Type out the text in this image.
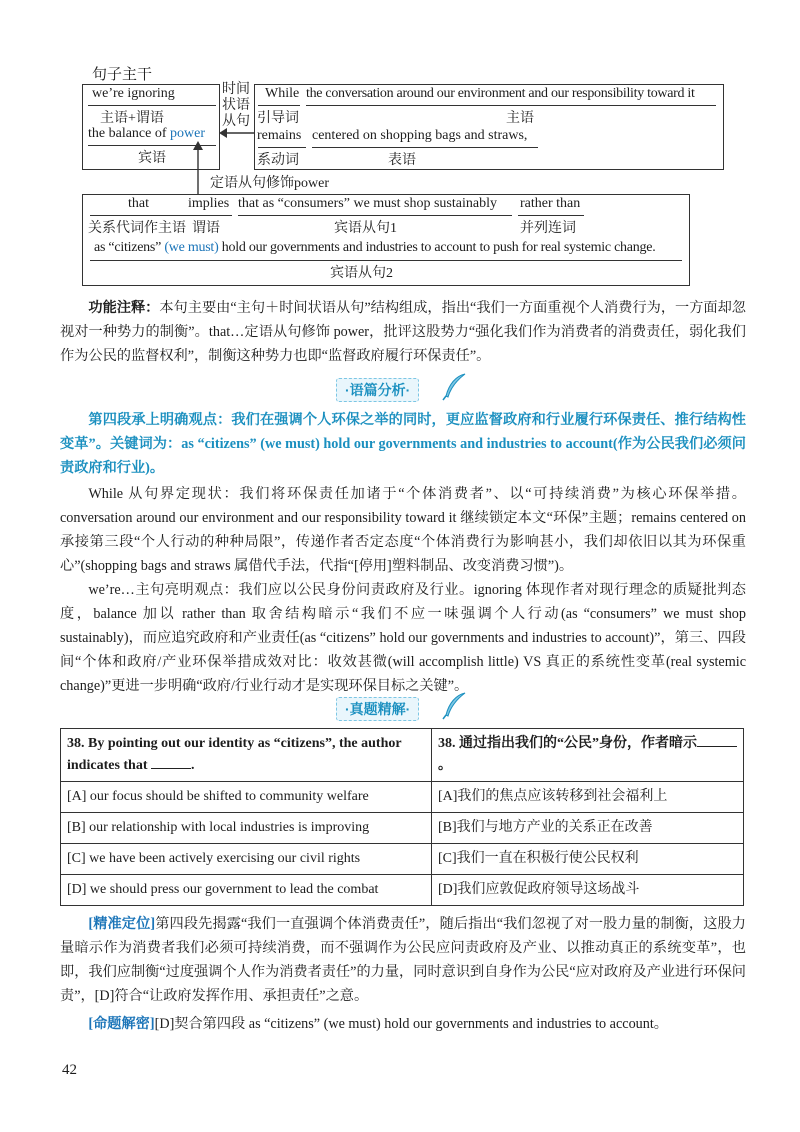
句子主干
we’re ignoring
主语+谓语
the balance of power
宾语
时间
状语
从句
While the conversation around our environment and our responsibility toward it
引导词	主语
remains centered on shopping bags and straws,
系动词	表语
定语从句修饰power
that	implies that as “consumers” we must shop sustainably rather than
关系代词作主语 谓语	宾语从句1	并列连词
as “citizens” (we must) hold our governments and industries to account to push for real systemic change.
宾语从句2
功能注释：本句主要由“主句＋时间状语从句”结构组成，指出“我们一方面重视个人消费行为，一方面却忽视对一种势力的制衡”。that…定语从句修饰 power，批评这股势力“强化我们作为消费者的消费责任，弱化我们作为公民的监督权利”，制衡这种势力也即“监督政府履行环保责任”。
·语篇分析·
第四段承上明确观点：我们在强调个人环保之举的同时，更应监督政府和行业履行环保责任、推行结构性变革”。关键词为：as “citizens” (we must) hold our governments and industries to account(作为公民我们必须问责政府和行业)。
While 从句界定现状：我们将环保责任加诸于“个体消费者”、以“可持续消费”为核心环保举措。conversation around our environment and our responsibility toward it 继续锁定本文“环保”主题；remains centered on 承接第三段“个人行动的种种局限”，传递作者否定态度“个体消费行为影响甚小，我们却依旧以其为环保重心”(shopping bags and straws 属借代手法，代指“[停用]塑料制品、改变消费习惯”)。
we’re…主句亮明观点：我们应以公民身份问责政府及行业。ignoring 体现作者对现行理念的质疑批判态度，balance 加以 rather than 取舍结构暗示“我们不应一味强调个人行动(as “consumers” we must shop sustainably)，而应追究政府和产业责任(as “citizens” hold our governments and industries to account)”，第三、四段间“个体和政府/产业环保举措成效对比：收效甚微(will accomplish little) VS 真正的系统性变革(real systemic change)”更进一步明确“政府/行业行动才是实现环保目标之关键”。
·真题精解·
38. By pointing out our identity as “citizens”, the author indicates that .	38. 通过指出我们的“公民”身份，作者暗示。
[A] our focus should be shifted to community welfare	[A]我们的焦点应该转移到社会福利上
[B] our relationship with local industries is improving	[B]我们与地方产业的关系正在改善
[C] we have been actively exercising our civil rights	[C]我们一直在积极行使公民权利
[D] we should press our government to lead the combat	[D]我们应敦促政府领导这场战斗
[精准定位]第四段先揭露“我们一直强调个体消费责任”，随后指出“我们忽视了对一股力量的制衡，这股力量暗示作为消费者我们必须可持续消费，而不强调作为公民应问责政府及产业、以推动真正的系统变革”，也即，我们应制衡“过度强调个人作为消费者责任”的力量，同时意识到自身作为公民“应对政府及产业进行环保问责”，[D]符合“让政府发挥作用、承担责任”之意。
[命题解密][D]契合第四段 as “citizens” (we must) hold our governments and industries to account。
42
